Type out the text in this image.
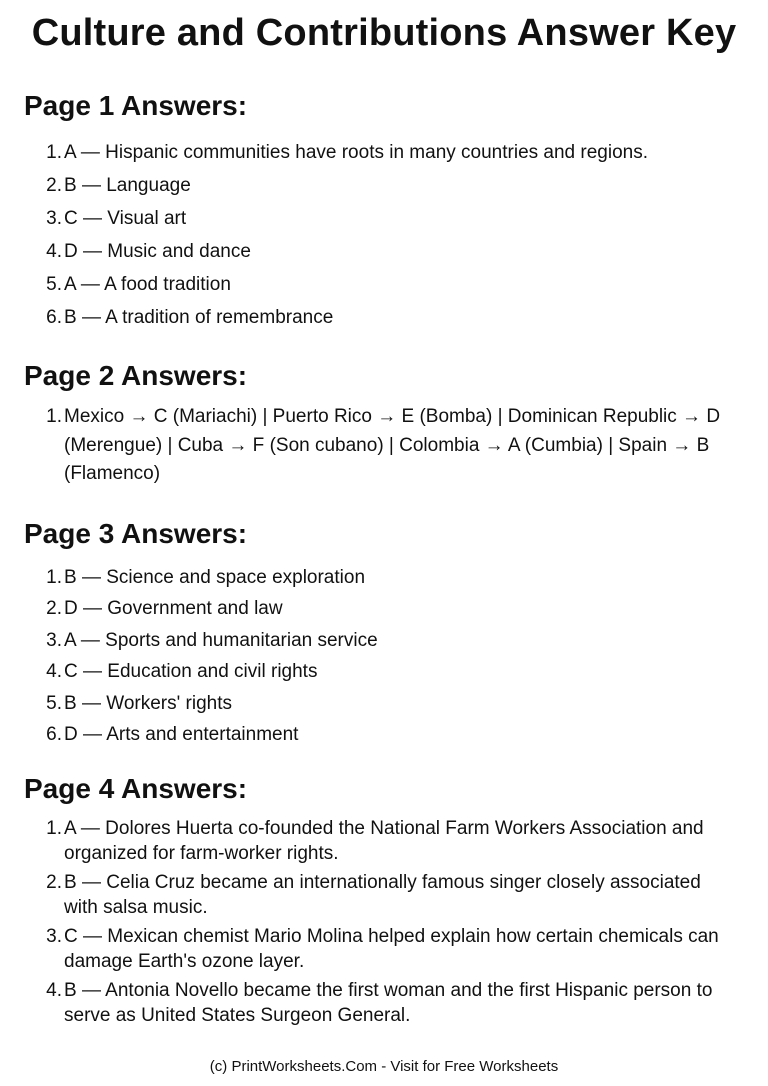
Culture and Contributions Answer Key
Page 1 Answers:
1. A — Hispanic communities have roots in many countries and regions.
2. B — Language
3. C — Visual art
4. D — Music and dance
5. A — A food tradition
6. B — A tradition of remembrance
Page 2 Answers:
1. Mexico → C (Mariachi) | Puerto Rico → E (Bomba) | Dominican Republic → D (Merengue) | Cuba → F (Son cubano) | Colombia → A (Cumbia) | Spain → B (Flamenco)
Page 3 Answers:
1. B — Science and space exploration
2. D — Government and law
3. A — Sports and humanitarian service
4. C — Education and civil rights
5. B — Workers' rights
6. D — Arts and entertainment
Page 4 Answers:
1. A — Dolores Huerta co-founded the National Farm Workers Association and organized for farm-worker rights.
2. B — Celia Cruz became an internationally famous singer closely associated with salsa music.
3. C — Mexican chemist Mario Molina helped explain how certain chemicals can damage Earth's ozone layer.
4. B — Antonia Novello became the first woman and the first Hispanic person to serve as United States Surgeon General.

(c) PrintWorksheets.Com - Visit for Free Worksheets
